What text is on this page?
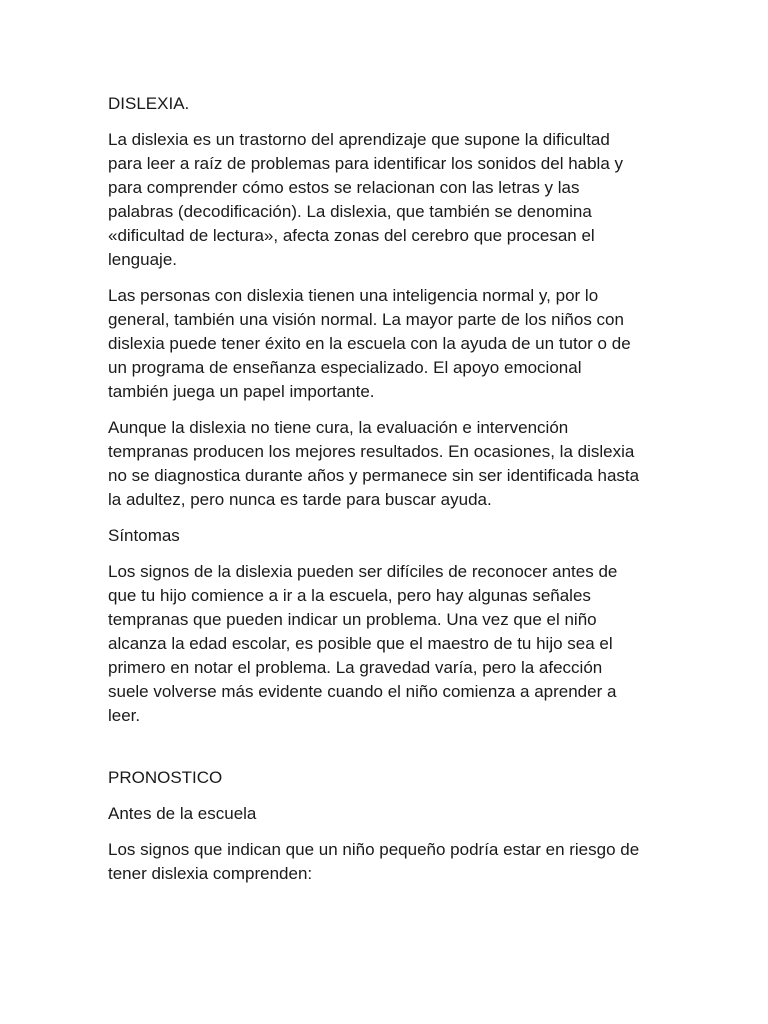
DISLEXIA.
La dislexia es un trastorno del aprendizaje que supone la dificultad
para leer a raíz de problemas para identificar los sonidos del habla y
para comprender cómo estos se relacionan con las letras y las
palabras (decodificación). La dislexia, que también se denomina
«dificultad de lectura», afecta zonas del cerebro que procesan el
lenguaje.
Las personas con dislexia tienen una inteligencia normal y, por lo
general, también una visión normal. La mayor parte de los niños con
dislexia puede tener éxito en la escuela con la ayuda de un tutor o de
un programa de enseñanza especializado. El apoyo emocional
también juega un papel importante.
Aunque la dislexia no tiene cura, la evaluación e intervención
tempranas producen los mejores resultados. En ocasiones, la dislexia
no se diagnostica durante años y permanece sin ser identificada hasta
la adultez, pero nunca es tarde para buscar ayuda.
Síntomas
Los signos de la dislexia pueden ser difíciles de reconocer antes de
que tu hijo comience a ir a la escuela, pero hay algunas señales
tempranas que pueden indicar un problema. Una vez que el niño
alcanza la edad escolar, es posible que el maestro de tu hijo sea el
primero en notar el problema. La gravedad varía, pero la afección
suele volverse más evidente cuando el niño comienza a aprender a
leer.
PRONOSTICO
Antes de la escuela
Los signos que indican que un niño pequeño podría estar en riesgo de
tener dislexia comprenden:
